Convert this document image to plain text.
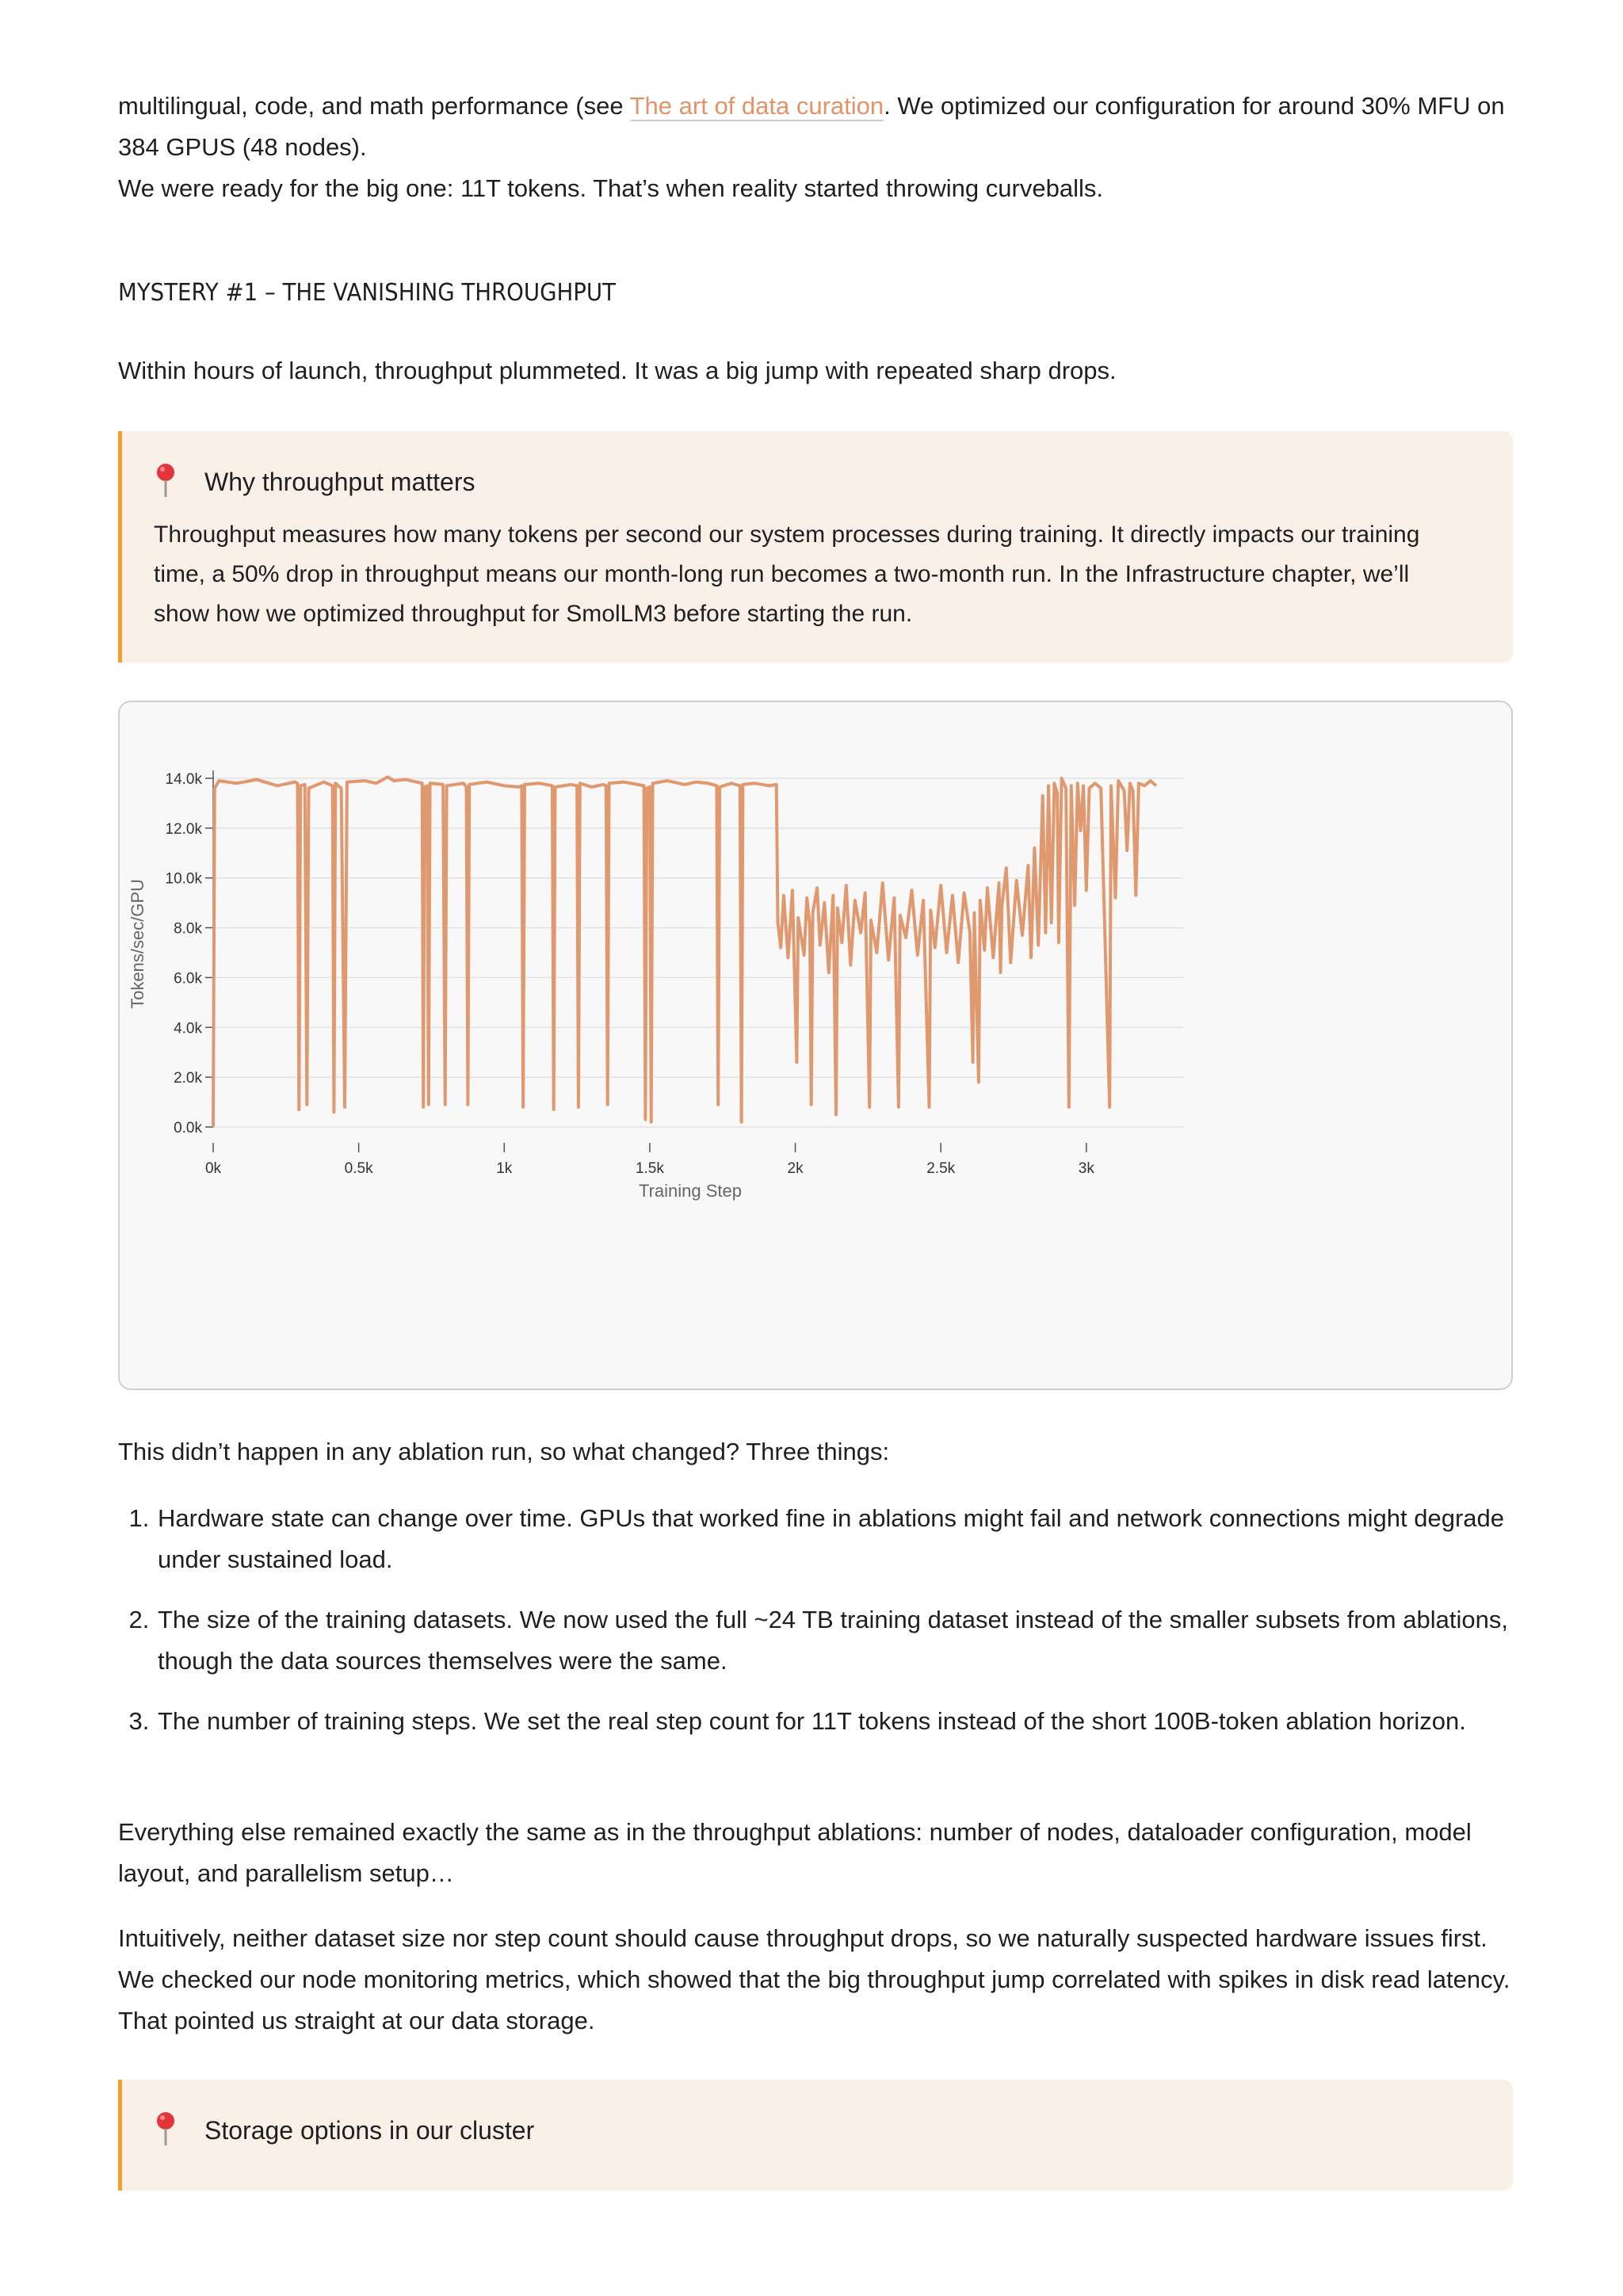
multilingual, code, and math performance (see The art of data curation. We optimized our configuration for around 30% MFU on 384 GPUS (48 nodes).

We were ready for the big one: 11T tokens. That’s when reality started throwing curveballs.

MYSTERY #1 – THE VANISHING THROUGHPUT

Within hours of launch, throughput plummeted. It was a big jump with repeated sharp drops.

Why throughput matters
Throughput measures how many tokens per second our system processes during training. It directly impacts our training time, a 50% drop in throughput means our month-long run becomes a two-month run. In the Infrastructure chapter, we’ll show how we optimized throughput for SmolLM3 before starting the run.
0.0k
2.0k
4.0k
6.0k
8.0k
10.0k
12.0k
14.0k
0k	0.5k	1k	1.5k	2k	2.5k	3k
Training Step
Tokens/sec/GPU

This didn’t happen in any ablation run, so what changed? Three things:

1. Hardware state can change over time. GPUs that worked fine in ablations might fail and network connections might degrade under sustained load.
2. The size of the training datasets. We now used the full ~24 TB training dataset instead of the smaller subsets from ablations, though the data sources themselves were the same.
3. The number of training steps. We set the real step count for 11T tokens instead of the short 100B-token ablation horizon.

Everything else remained exactly the same as in the throughput ablations: number of nodes, dataloader configuration, model layout, and parallelism setup…

Intuitively, neither dataset size nor step count should cause throughput drops, so we naturally suspected hardware issues first. We checked our node monitoring metrics, which showed that the big throughput jump correlated with spikes in disk read latency. That pointed us straight at our data storage.

Storage options in our cluster
